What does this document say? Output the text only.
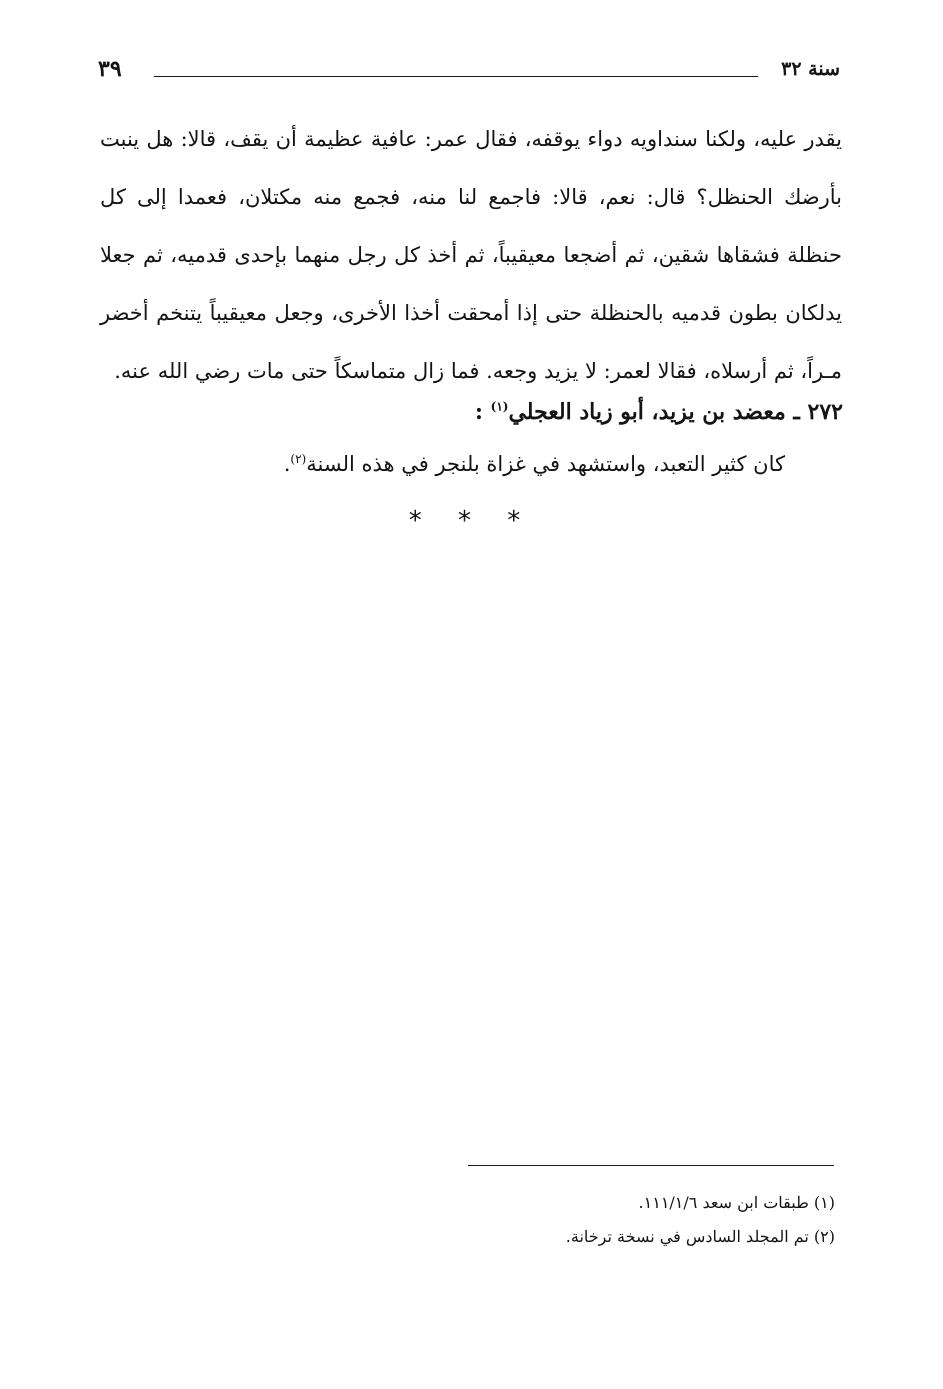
٣٩	سنة ٣٢
يقدر عليه، ولكنا سنداويه دواء يوقفه، فقال عمر: عافية عظيمة أن يقف، قالا: هل ينبت بأرضك الحنظل؟ قال: نعم، قالا: فاجمع لنا منه، فجمع منه مكتلان، فعمدا إلى كل حنظلة فشقاها شقين، ثم أضجعا معيقيباً، ثم أخذ كل رجل منهما بإحدى قدميه، ثم جعلا يدلكان بطون قدميه بالحنظلة حتى إذا أمحقت أخذا الأخرى، وجعل معيقيباً يتنخم أخضر مـراً، ثم أرسلاه، فقالا لعمر: لا يزيد وجعه. فما زال متماسكاً حتى مات رضي الله عنه.
٢٧٢ ـ معضد بن يزيد، أبو زياد العجلي$^{(١)}$ :
كان كثير التعبد، واستشهد في غزاة بلنجر في هذه السنة$^{(٢)}$.
* * *
(١) طبقات ابن سعد ١١١/١/٦.
(٢) تم المجلد السادس في نسخة ترخانة.
